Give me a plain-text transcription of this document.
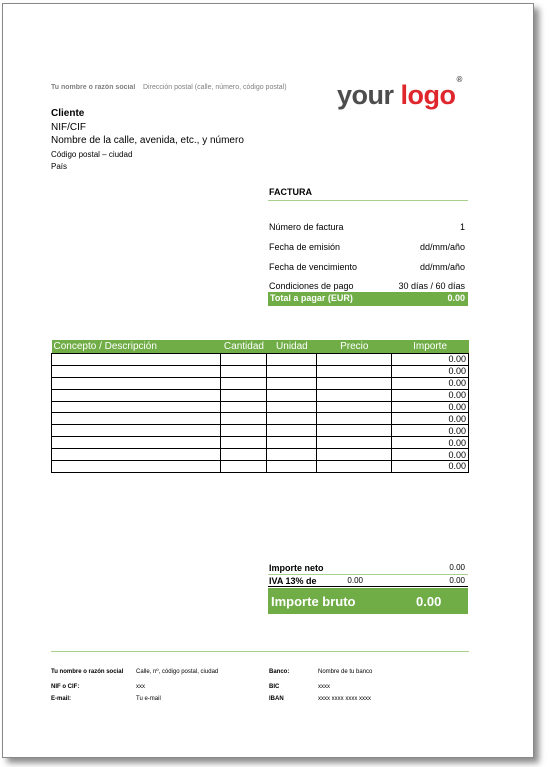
Tu nombre o razón social	Dirección postal (calle, número, código postal) your logo®
Cliente
NIF/CIF
Nombre de la calle, avenida, etc., y número
Código postal – ciudad
País
FACTURA
Número de factura	1
Fecha de emisión	dd/mm/año
Fecha de vencimiento	dd/mm/año
Condiciones de pago	30 días / 60 días
Total a pagar (EUR)	0.00
Concepto / Descripción	Cantidad	Unidad	Precio	Importe
				0.00
				0.00
				0.00
				0.00
				0.00
				0.00
				0.00
				0.00
				0.00
				0.00
Importe neto	0.00
IVA 13% de	0.00	0.00
Importe bruto	0.00
Tu nombre o razón social Calle, nº, código postal, ciudad
NIF o CIF:	xxx
E-mail:	Tu e-mail
Banco:	Nombre de tu banco
BIC	xxxx
IBAN	xxxx xxxx xxxx xxxx
